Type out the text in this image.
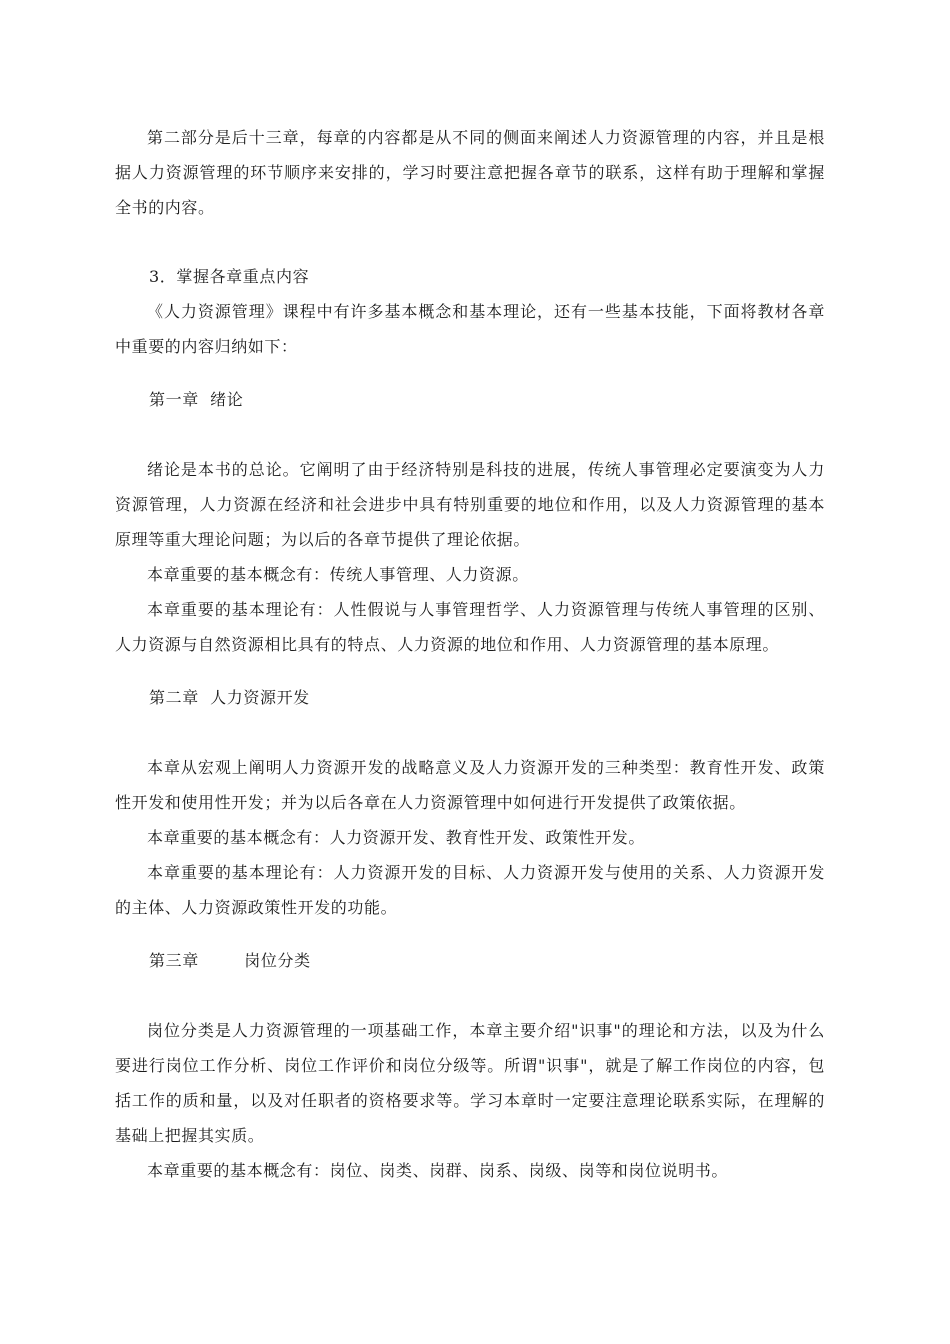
第二部分是后十三章，每章的内容都是从不同的侧面来阐述人力资源管理的内容，并且是根据人力资源管理的环节顺序来安排的，学习时要注意把握各章节的联系，这样有助于理解和掌握全书的内容。

3．掌握各章重点内容

《人力资源管理》课程中有许多基本概念和基本理论，还有一些基本技能，下面将教材各章中重要的内容归纳如下：

第一章  绪论

绪论是本书的总论。它阐明了由于经济特别是科技的进展，传统人事管理必定要演变为人力资源管理，人力资源在经济和社会进步中具有特别重要的地位和作用，以及人力资源管理的基本原理等重大理论问题；为以后的各章节提供了理论依据。

本章重要的基本概念有：传统人事管理、人力资源。

本章重要的基本理论有：人性假说与人事管理哲学、人力资源管理与传统人事管理的区别、人力资源与自然资源相比具有的特点、人力资源的地位和作用、人力资源管理的基本原理。

第二章  人力资源开发

本章从宏观上阐明人力资源开发的战略意义及人力资源开发的三种类型：教育性开发、政策性开发和使用性开发；并为以后各章在人力资源管理中如何进行开发提供了政策依据。

本章重要的基本概念有：人力资源开发、教育性开发、政策性开发。

本章重要的基本理论有：人力资源开发的目标、人力资源开发与使用的关系、人力资源开发的主体、人力资源政策性开发的功能。

第三章        岗位分类

岗位分类是人力资源管理的一项基础工作，本章主要介绍"识事"的理论和方法，以及为什么要进行岗位工作分析、岗位工作评价和岗位分级等。所谓"识事"，就是了解工作岗位的内容，包括工作的质和量，以及对任职者的资格要求等。学习本章时一定要注意理论联系实际，在理解的基础上把握其实质。

本章重要的基本概念有：岗位、岗类、岗群、岗系、岗级、岗等和岗位说明书。
